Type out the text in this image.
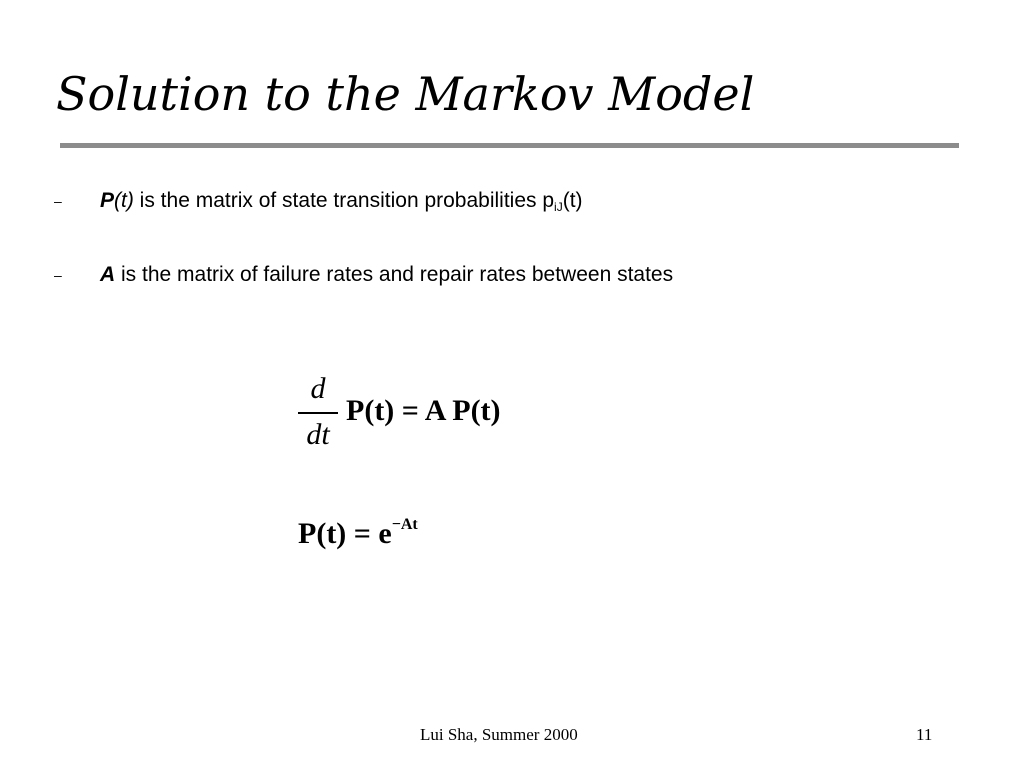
Solution to the Markov Model
– P(t) is the matrix of state transition probabilities $p_{iJ}(t)$
– A is the matrix of failure rates and repair rates between states
d
dt
P(t) = A P(t)
$P(t) = e^{-At}$
Lui Sha, Summer 2000	11
